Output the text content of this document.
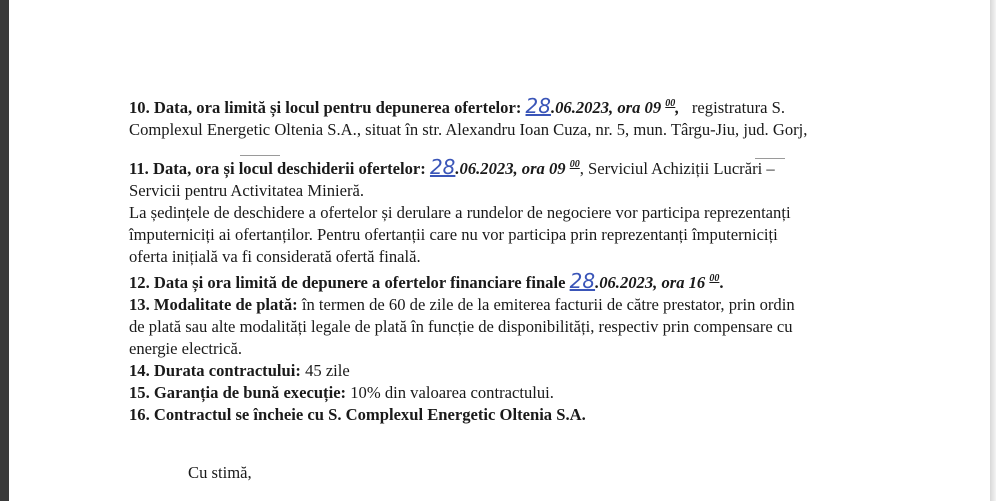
10. Data, ora limită și locul pentru depunerea ofertelor: 28.06.2023, ora 09 $^{00}$, registratura S.
Complexul Energetic Oltenia S.A., situat în str. Alexandru Ioan Cuza, nr. 5, mun. Târgu-Jiu, jud. Gorj,
11. Data, ora și locul deschiderii ofertelor: 28.06.2023, ora 09 $^{00}$, Serviciul Achiziții Lucrări –
Servicii pentru Activitatea Minieră.
La ședințele de deschidere a ofertelor și derulare a rundelor de negociere vor participa reprezentanți
împuterniciți ai ofertanților. Pentru ofertanții care nu vor participa prin reprezentanți împuterniciți
oferta inițială va fi considerată ofertă finală.
12. Data și ora limită de depunere a ofertelor financiare finale 28.06.2023, ora 16 $^{00}$.
13. Modalitate de plată: în termen de 60 de zile de la emiterea facturii de către prestator, prin ordin
de plată sau alte modalități legale de plată în funcție de disponibilități, respectiv prin compensare cu
energie electrică.
14. Durata contractului: 45 zile
15. Garanția de bună execuție: 10% din valoarea contractului.
16. Contractul se încheie cu S. Complexul Energetic Oltenia S.A.
Cu stimă,
